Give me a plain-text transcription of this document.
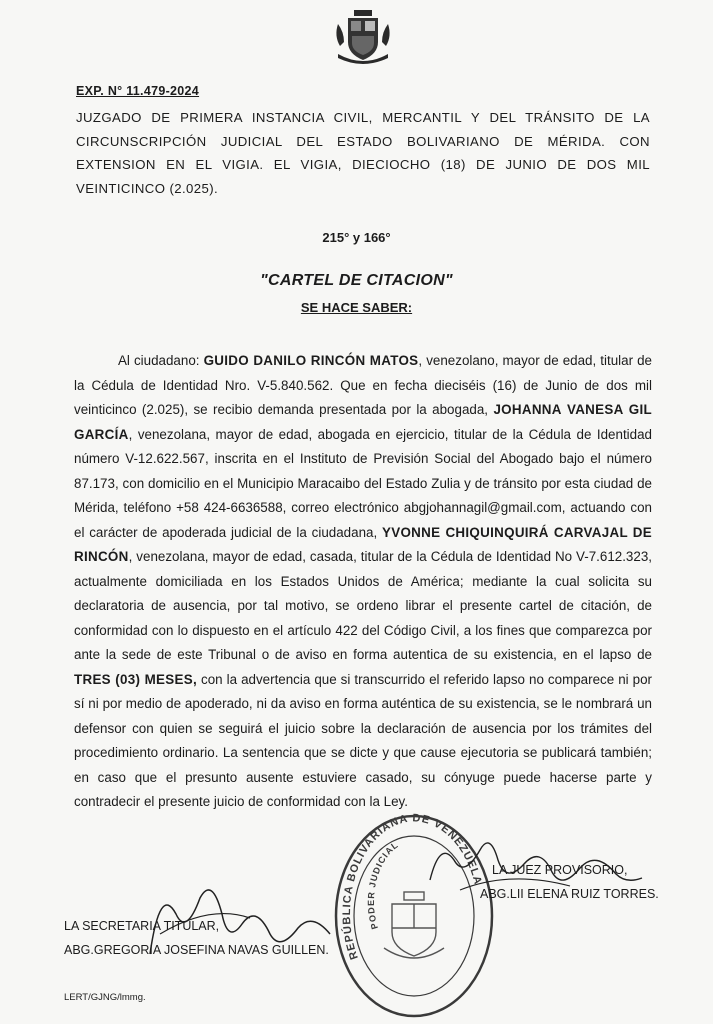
EXP. N° 11.479-2024
JUZGADO DE PRIMERA INSTANCIA CIVIL, MERCANTIL Y DEL TRÁNSITO DE LA CIRCUNSCRIPCIÓN JUDICIAL DEL ESTADO BOLIVARIANO DE MÉRIDA. CON EXTENSION EN EL VIGIA. EL VIGIA, DIECIOCHO (18) DE JUNIO DE DOS MIL VEINTICINCO (2.025).
215° y 166°
"CARTEL DE CITACION"
SE HACE SABER:
Al ciudadano: GUIDO DANILO RINCÓN MATOS, venezolano, mayor de edad, titular de la Cédula de Identidad Nro. V-5.840.562. Que en fecha dieciséis (16) de Junio de dos mil veinticinco (2.025), se recibio demanda presentada por la abogada, JOHANNA VANESA GIL GARCÍA, venezolana, mayor de edad, abogada en ejercicio, titular de la Cédula de Identidad número V-12.622.567, inscrita en el Instituto de Previsión Social del Abogado bajo el número 87.173, con domicilio en el Municipio Maracaibo del Estado Zulia y de tránsito por esta ciudad de Mérida, teléfono +58 424-6636588, correo electrónico abgjohannagil@gmail.com, actuando con el carácter de apoderada judicial de la ciudadana, YVONNE CHIQUINQUIRÁ CARVAJAL DE RINCÓN, venezolana, mayor de edad, casada, titular de la Cédula de Identidad No V-7.612.323, actualmente domiciliada en los Estados Unidos de América; mediante la cual solicita su declaratoria de ausencia, por tal motivo, se ordeno librar el presente cartel de citación, de conformidad con lo dispuesto en el artículo 422 del Código Civil, a los fines que comparezca por ante la sede de este Tribunal o de aviso en forma autentica de su existencia, en el lapso de TRES (03) MESES, con la advertencia que si transcurrido el referido lapso no comparece ni por sí ni por medio de apoderado, ni da aviso en forma auténtica de su existencia, se le nombrará un defensor con quien se seguirá el juicio sobre la declaración de ausencia por los trámites del procedimiento ordinario. La sentencia que se dicte y que cause ejecutoria se publicará también; en caso que el presunto ausente estuviere casado, su cónyuge puede hacerse parte y contradecir el presente juicio de conformidad con la Ley.
REPÚBLICA BOLIVARIANA DE VENEZUELA
PODER JUDICIAL
LA JUEZ PROVISORIO,
ABG.LII ELENA RUIZ TORRES.
LA SECRETARIA TITULAR,
ABG.GREGORIA JOSEFINA NAVAS GUILLEN.
LERT/GJNG/lmmg.
